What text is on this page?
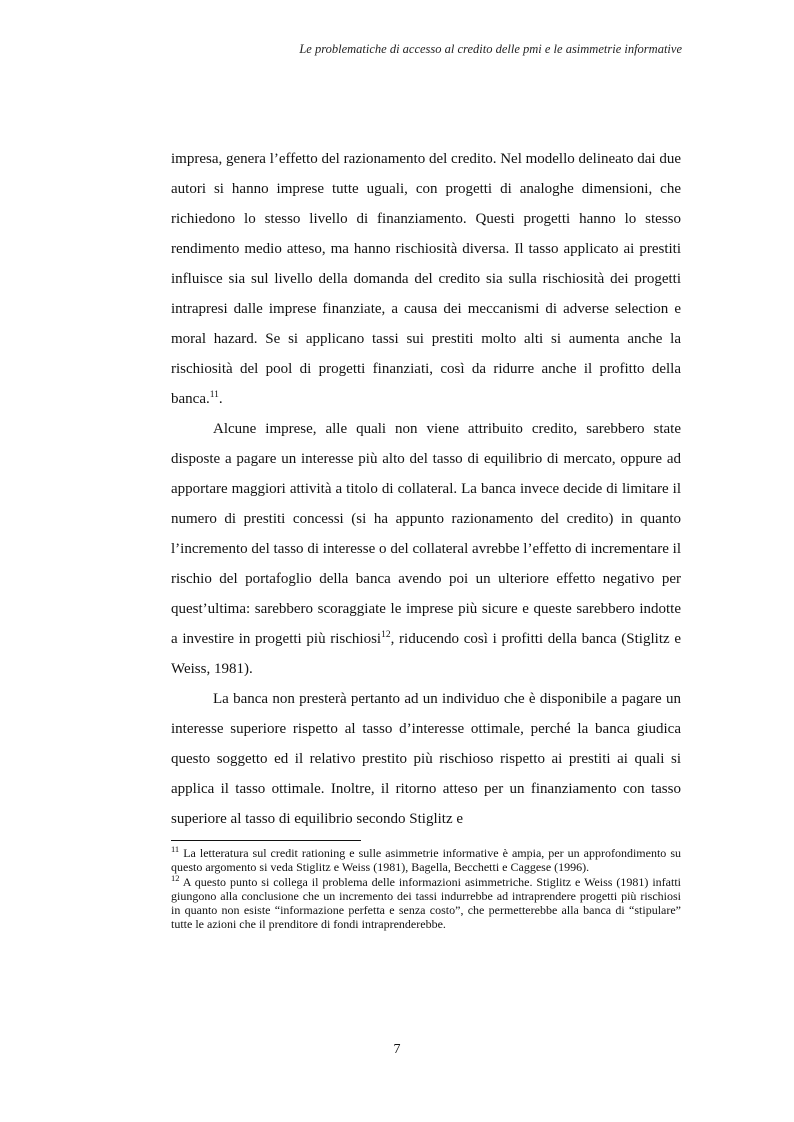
Le problematiche di accesso al credito delle pmi e le asimmetrie informative

impresa, genera l’effetto del razionamento del credito. Nel modello delineato dai due autori si hanno imprese tutte uguali, con progetti di analoghe dimensioni, che richiedono lo stesso livello di finanziamento. Questi progetti hanno lo stesso rendimento medio atteso, ma hanno rischiosità diversa. Il tasso applicato ai prestiti influisce sia sul livello della domanda del credito sia sulla rischiosità dei progetti intrapresi dalle imprese finanziate, a causa dei meccanismi di adverse selection e moral hazard. Se si applicano tassi sui prestiti molto alti si aumenta anche la rischiosità del pool di progetti finanziati, così da ridurre anche il profitto della banca.$^{11}$.

Alcune imprese, alle quali non viene attribuito credito, sarebbero state disposte a pagare un interesse più alto del tasso di equilibrio di mercato, oppure ad apportare maggiori attività a titolo di collateral. La banca invece decide di limitare il numero di prestiti concessi (si ha appunto razionamento del credito) in quanto l’incremento del tasso di interesse o del collateral avrebbe l’effetto di incrementare il rischio del portafoglio della banca avendo poi un ulteriore effetto negativo per quest’ultima: sarebbero scoraggiate le imprese più sicure e queste sarebbero indotte a investire in progetti più rischiosi$^{12}$, riducendo così i profitti della banca (Stiglitz e Weiss, 1981).

La banca non presterà pertanto ad un individuo che è disponibile a pagare un interesse superiore rispetto al tasso d’interesse ottimale, perché la banca giudica questo soggetto ed il relativo prestito più rischioso rispetto ai prestiti ai quali si applica il tasso ottimale. Inoltre, il ritorno atteso per un finanziamento con tasso superiore al tasso di equilibrio secondo Stiglitz e

$^{11}$ La letteratura sul credit rationing e sulle asimmetrie informative è ampia, per un approfondimento su questo argomento si veda Stiglitz e Weiss (1981), Bagella, Becchetti e Caggese (1996).

$^{12}$ A questo punto si collega il problema delle informazioni asimmetriche. Stiglitz e Weiss (1981) infatti giungono alla conclusione che un incremento dei tassi indurrebbe ad intraprendere progetti più rischiosi in quanto non esiste “informazione perfetta e senza costo”, che permetterebbe alla banca di “stipulare” tutte le azioni che il prenditore di fondi intraprenderebbe.

7
